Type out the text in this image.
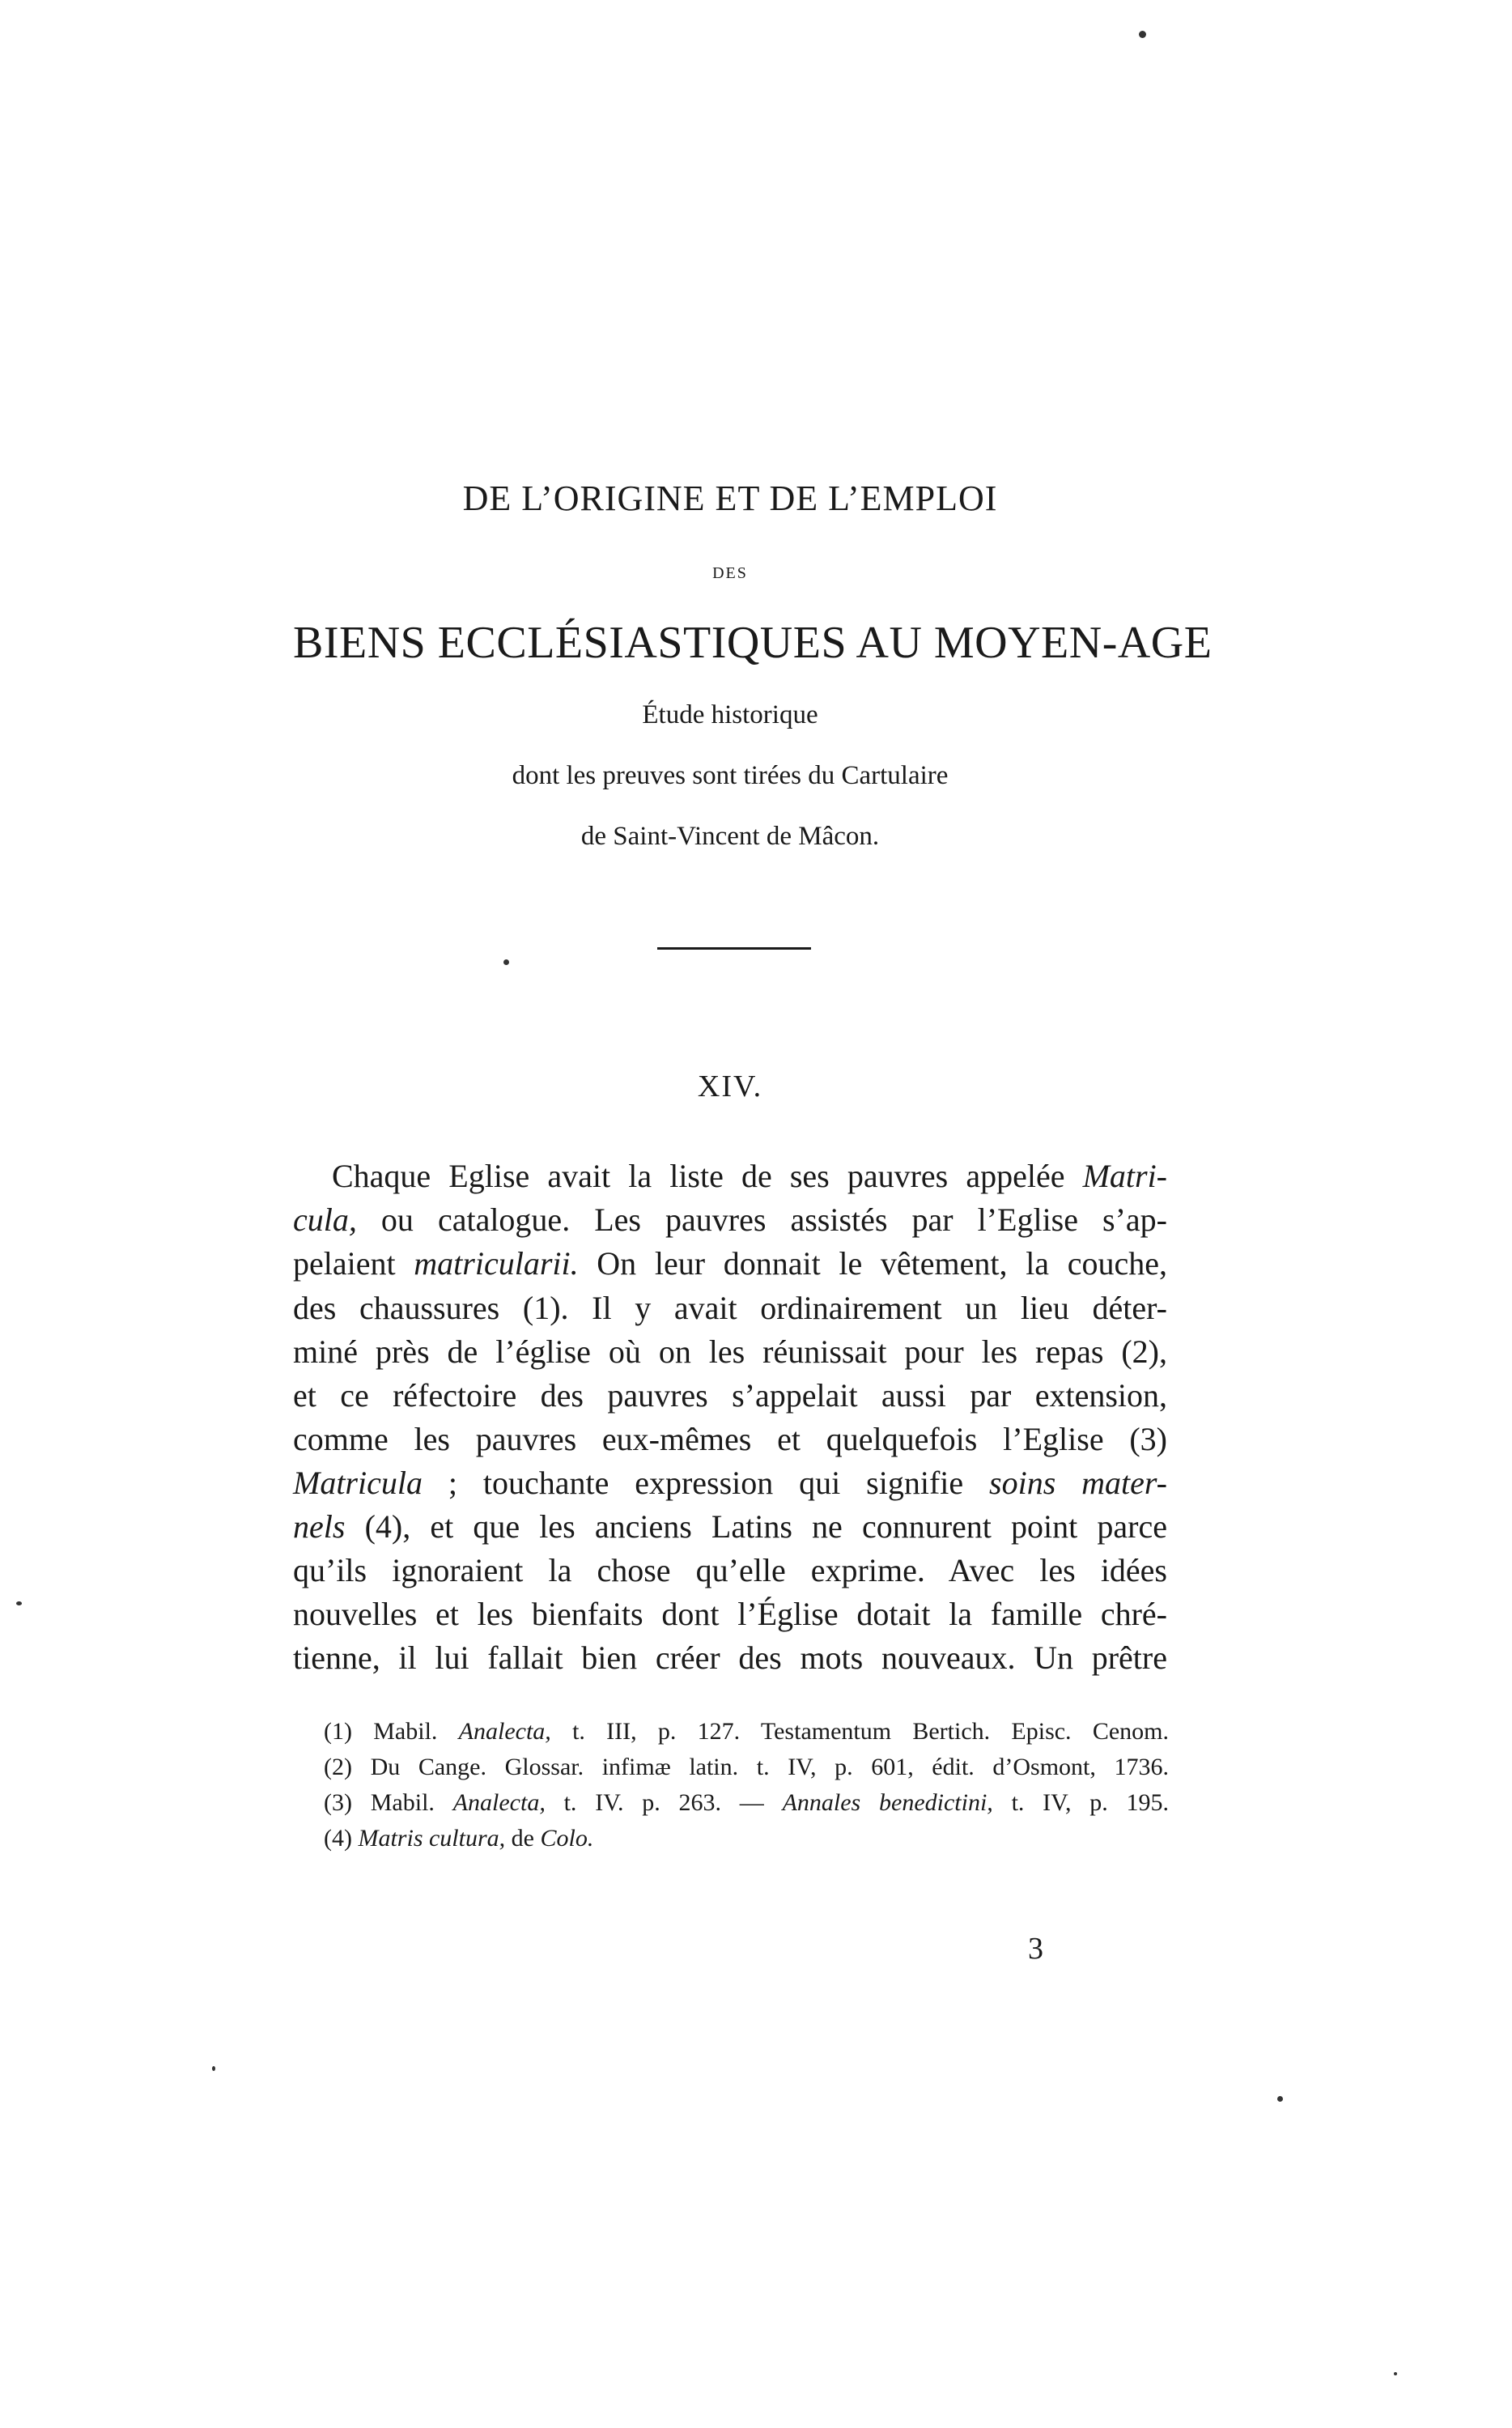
DE L’ORIGINE ET DE L’EMPLOI
DES
BIENS ECCLÉSIASTIQUES AU MOYEN-AGE
Étude historique
dont les preuves sont tirées du Cartulaire
de Saint-Vincent de Mâcon.
XIV.
Chaque Eglise avait la liste de ses pauvres appelée Matri-
cula, ou catalogue. Les pauvres assistés par l’Eglise s’ap-
pelaient matricularii. On leur donnait le vêtement, la couche,
des chaussures (1). Il y avait ordinairement un lieu déter-
miné près de l’église où on les réunissait pour les repas (2),
et ce réfectoire des pauvres s’appelait aussi par extension,
comme les pauvres eux-mêmes et quelquefois l’Eglise (3)
Matricula ; touchante expression qui signifie soins mater-
nels (4), et que les anciens Latins ne connurent point parce
qu’ils ignoraient la chose qu’elle exprime. Avec les idées
nouvelles et les bienfaits dont l’Église dotait la famille chré-
tienne, il lui fallait bien créer des mots nouveaux. Un prêtre
(1) Mabil. Analecta, t. III, p. 127. Testamentum Bertich. Episc. Cenom.
(2) Du Cange. Glossar. infimæ latin. t. IV, p. 601, édit. d’Osmont, 1736.
(3) Mabil. Analecta, t. IV. p. 263. — Annales benedictini, t. IV, p. 195.
(4) Matris cultura, de Colo.
3
